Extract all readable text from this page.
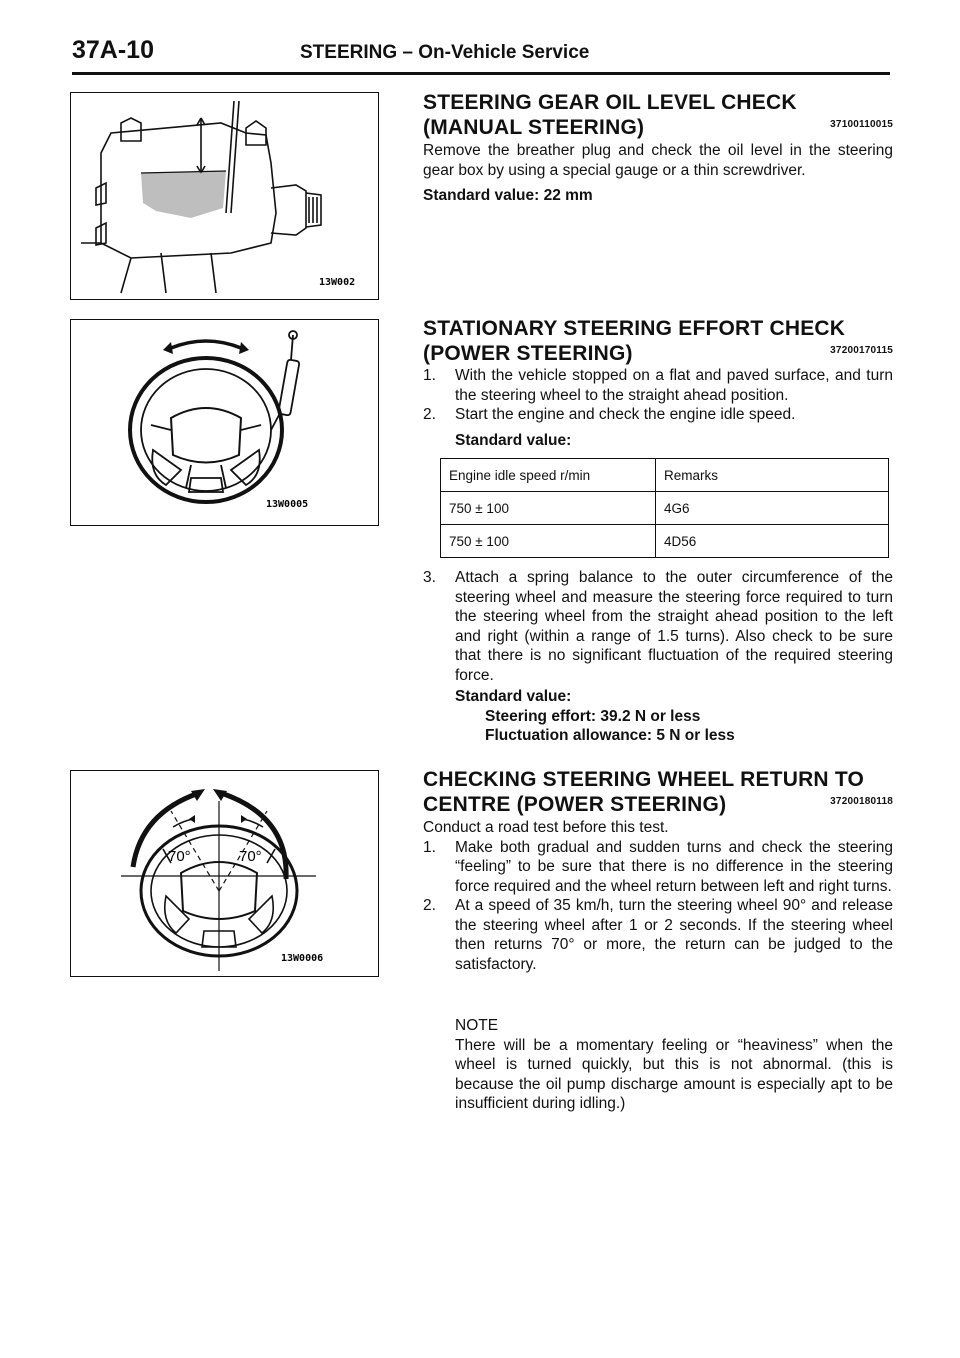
37A-10	STEERING – On-Vehicle Service
13W002
STEERING GEAR OIL LEVEL CHECK
(MANUAL STEERING)	37100110015
Remove the breather plug and check the oil level in the steering gear box by using a special gauge or a thin screwdriver.
Standard value: 22 mm
13W0005
STATIONARY STEERING EFFORT CHECK
(POWER STEERING)	37200170115
1. With the vehicle stopped on a flat and paved surface, and turn the steering wheel to the straight ahead position.
2. Start the engine and check the engine idle speed.
Standard value:
Engine idle speed r/min	Remarks
750 ± 100	4G6
750 ± 100	4D56
3. Attach a spring balance to the outer circumference of the steering wheel and measure the steering force required to turn the steering wheel from the straight ahead position to the left and right (within a range of 1.5 turns). Also check to be sure that there is no significant fluctuation of the required steering force.
Standard value:
Steering effort: 39.2 N or less
Fluctuation allowance: 5 N or less
70°	70°
13W0006
CHECKING STEERING WHEEL RETURN TO
CENTRE (POWER STEERING)	37200180118
Conduct a road test before this test.
1. Make both gradual and sudden turns and check the steering “feeling” to be sure that there is no difference in the steering force required and the wheel return between left and right turns.
2. At a speed of 35 km/h, turn the steering wheel 90° and release the steering wheel after 1 or 2 seconds. If the steering wheel then returns 70° or more, the return can be judged to the satisfactory.
NOTE
There will be a momentary feeling or “heaviness” when the wheel is turned quickly, but this is not abnormal. (this is because the oil pump discharge amount is especially apt to be insufficient during idling.)
